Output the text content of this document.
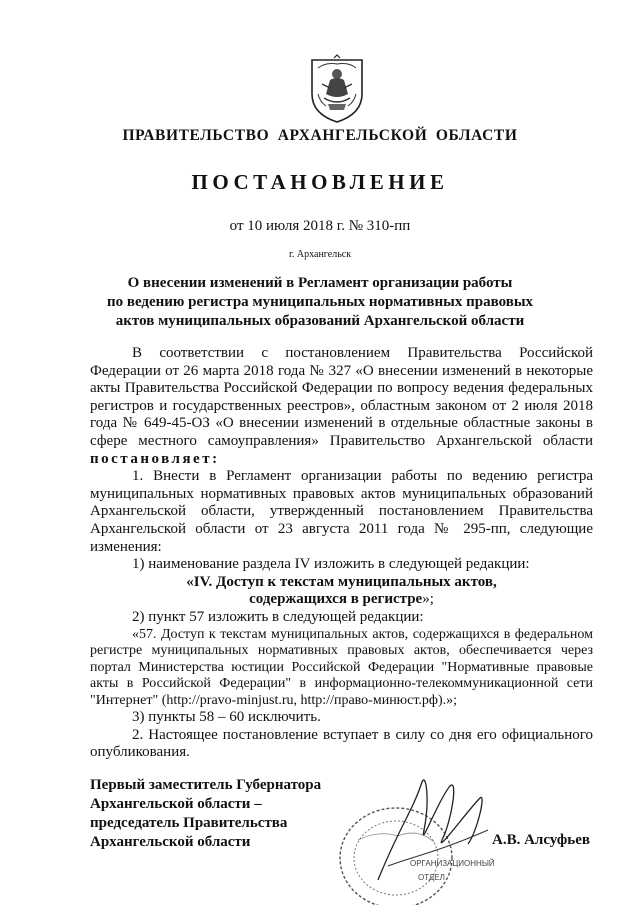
ПРАВИТЕЛЬСТВО АРХАНГЕЛЬСКОЙ ОБЛАСТИ
ПОСТАНОВЛЕНИЕ
от 10 июля 2018 г. № 310-пп
г. Архангельск
О внесении изменений в Регламент организации работы
по ведению регистра муниципальных нормативных правовых
актов муниципальных образований Архангельской области
В соответствии с постановлением Правительства Российской Федерации от 26 марта 2018 года № 327 «О внесении изменений в некоторые акты Правительства Российской Федерации по вопросу ведения федеральных регистров и государственных реестров», областным законом от 2 июля 2018 года № 649-45-ОЗ «О внесении изменений в отдельные областные законы в сфере местного самоуправления» Правительство Архангельской области постановляет:
1. Внести в Регламент организации работы по ведению регистра муниципальных нормативных правовых актов муниципальных образований Архангельской области, утвержденный постановлением Правительства Архангельской области от 23 августа 2011 года № 295-пп, следующие изменения:
1) наименование раздела IV изложить в следующей редакции:
«IV. Доступ к текстам муниципальных актов,
содержащихся в регистре»;
2) пункт 57 изложить в следующей редакции:
«57. Доступ к текстам муниципальных актов, содержащихся в федеральном регистре муниципальных нормативных правовых актов, обеспечивается через портал Министерства юстиции Российской Федерации "Нормативные правовые акты в Российской Федерации" в информационно-телекоммуникационной сети "Интернет" (http://pravo-minjust.ru, http://право-минюст.рф).»;
3) пункты 58 – 60 исключить.
2. Настоящее постановление вступает в силу со дня его официального опубликования.
Первый заместитель Губернатора
Архангельской области –
председатель Правительства
Архангельской области
ОРГАНИЗАЦИОННЫЙ
ОТДЕЛ
А.В. Алсуфьев
